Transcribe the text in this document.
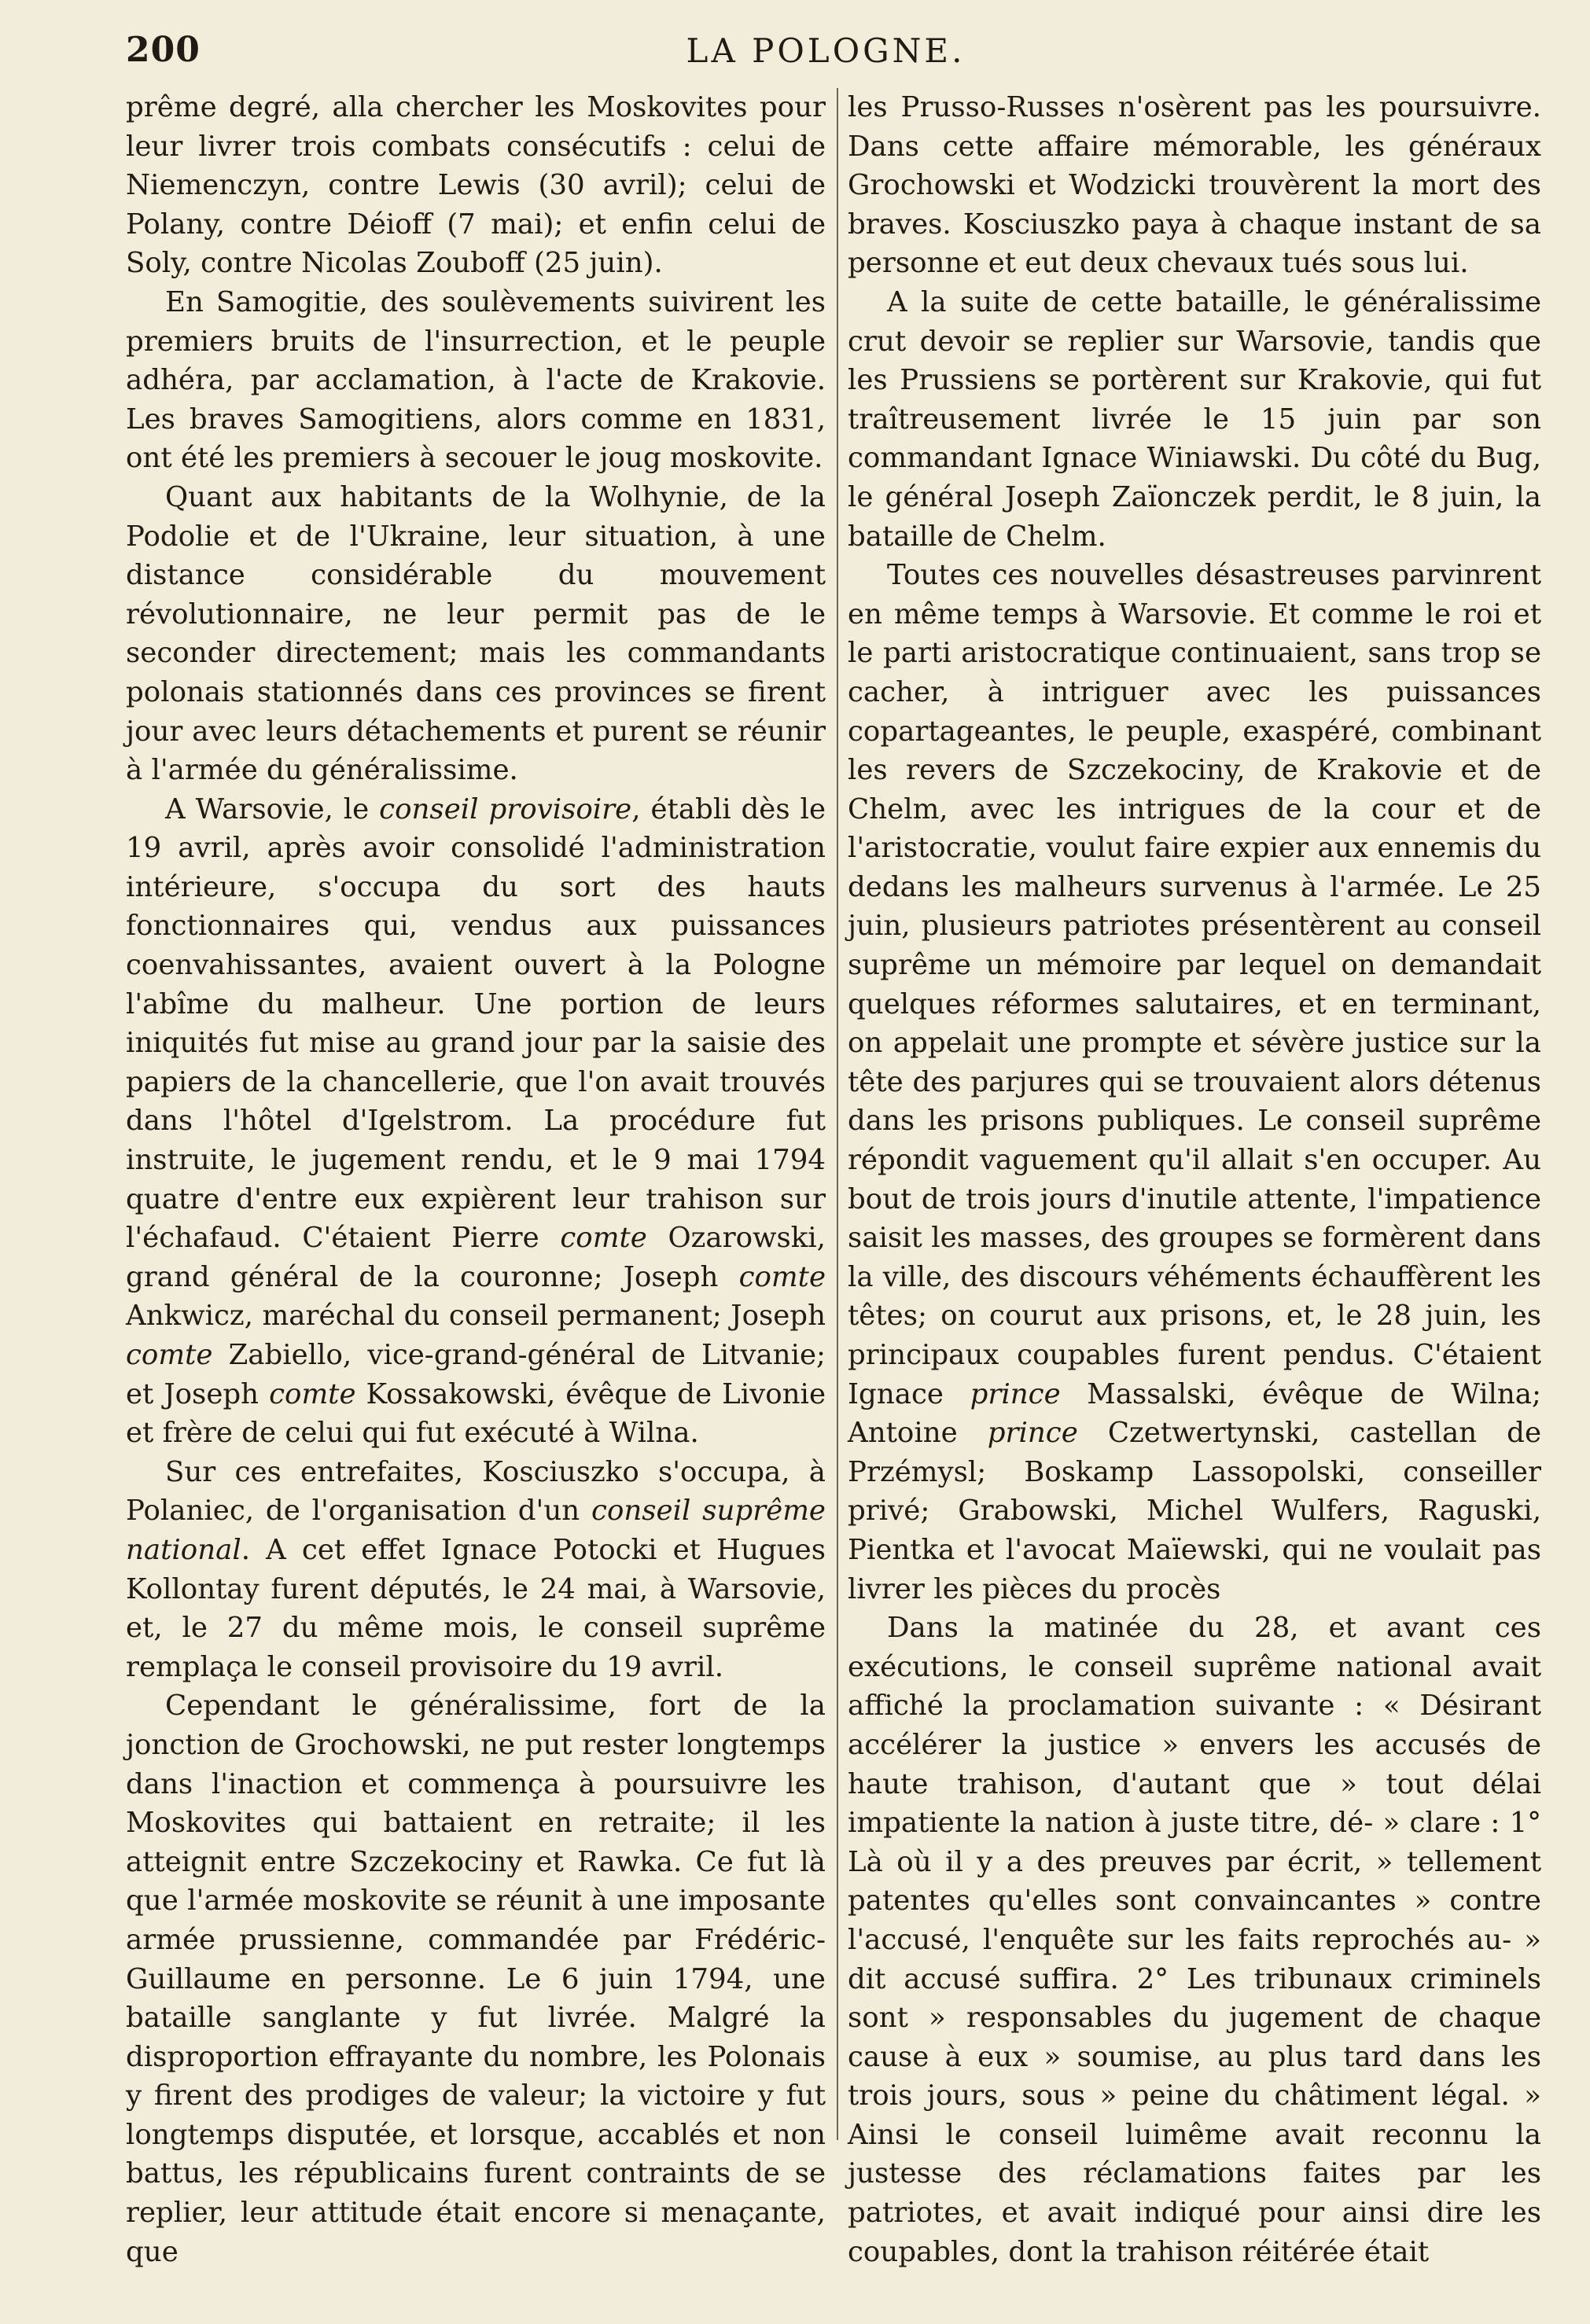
200	LA POLOGNE.

prême degré, alla chercher les Moskovites pour leur livrer trois combats consécutifs : celui de Niemenczyn, contre Lewis (30 avril); celui de Polany, contre Déioff (7 mai); et enfin celui de Soly, contre Nicolas Zouboff (25 juin).

En Samogitie, des soulèvements suivirent les premiers bruits de l'insurrection, et le peuple adhéra, par acclamation, à l'acte de Krakovie. Les braves Samogitiens, alors comme en 1831, ont été les premiers à secouer le joug moskovite.

Quant aux habitants de la Wolhynie, de la Podolie et de l'Ukraine, leur situation, à une distance considérable du mouvement révolutionnaire, ne leur permit pas de le seconder directement; mais les commandants polonais stationnés dans ces provinces se firent jour avec leurs détachements et purent se réunir à l'armée du généralissime.

A Warsovie, le conseil provisoire, établi dès le 19 avril, après avoir consolidé l'administration intérieure, s'occupa du sort des hauts fonctionnaires qui, vendus aux puissances coenvahissantes, avaient ouvert à la Pologne l'abîme du malheur. Une portion de leurs iniquités fut mise au grand jour par la saisie des papiers de la chancellerie, que l'on avait trouvés dans l'hôtel d'Igelstrom. La procédure fut instruite, le jugement rendu, et le 9 mai 1794 quatre d'entre eux expièrent leur trahison sur l'échafaud. C'étaient Pierre comte Ozarowski, grand général de la couronne; Joseph comte Ankwicz, maréchal du conseil permanent; Joseph comte Zabiello, vice-grand-général de Litvanie; et Joseph comte Kossakowski, évêque de Livonie et frère de celui qui fut exécuté à Wilna.

Sur ces entrefaites, Kosciuszko s'occupa, à Polaniec, de l'organisation d'un conseil suprême national. A cet effet Ignace Potocki et Hugues Kollontay furent députés, le 24 mai, à Warsovie, et, le 27 du même mois, le conseil suprême remplaça le conseil provisoire du 19 avril.

Cependant le généralissime, fort de la jonction de Grochowski, ne put rester longtemps dans l'inaction et commença à poursuivre les Moskovites qui battaient en retraite; il les atteignit entre Szczekociny et Rawka. Ce fut là que l'armée moskovite se réunit à une imposante armée prussienne, commandée par Frédéric-Guillaume en personne. Le 6 juin 1794, une bataille sanglante y fut livrée. Malgré la disproportion effrayante du nombre, les Polonais y firent des prodiges de valeur; la victoire y fut longtemps disputée, et lorsque, accablés et non battus, les républicains furent contraints de se replier, leur attitude était encore si menaçante, que

les Prusso-Russes n'osèrent pas les poursuivre. Dans cette affaire mémorable, les généraux Grochowski et Wodzicki trouvèrent la mort des braves. Kosciuszko paya à chaque instant de sa personne et eut deux chevaux tués sous lui.

A la suite de cette bataille, le généralissime crut devoir se replier sur Warsovie, tandis que les Prussiens se portèrent sur Krakovie, qui fut traîtreusement livrée le 15 juin par son commandant Ignace Winiawski. Du côté du Bug, le général Joseph Zaïonczek perdit, le 8 juin, la bataille de Chelm.

Toutes ces nouvelles désastreuses parvinrent en même temps à Warsovie. Et comme le roi et le parti aristocratique continuaient, sans trop se cacher, à intriguer avec les puissances copartageantes, le peuple, exaspéré, combinant les revers de Szczekociny, de Krakovie et de Chelm, avec les intrigues de la cour et de l'aristocratie, voulut faire expier aux ennemis du dedans les malheurs survenus à l'armée. Le 25 juin, plusieurs patriotes présentèrent au conseil suprême un mémoire par lequel on demandait quelques réformes salutaires, et en terminant, on appelait une prompte et sévère justice sur la tête des parjures qui se trouvaient alors détenus dans les prisons publiques. Le conseil suprême répondit vaguement qu'il allait s'en occuper. Au bout de trois jours d'inutile attente, l'impatience saisit les masses, des groupes se formèrent dans la ville, des discours véhéments échauffèrent les têtes; on courut aux prisons, et, le 28 juin, les principaux coupables furent pendus. C'étaient Ignace prince Massalski, évêque de Wilna; Antoine prince Czetwertynski, castellan de Przémysl; Boskamp Lassopolski, conseiller privé; Grabowski, Michel Wulfers, Raguski, Pientka et l'avocat Maïewski, qui ne voulait pas livrer les pièces du procès

Dans la matinée du 28, et avant ces exécutions, le conseil suprême national avait affiché la proclamation suivante : « Désirant accélérer la justice » envers les accusés de haute trahison, d'autant que » tout délai impatiente la nation à juste titre, dé- » clare : 1° Là où il y a des preuves par écrit, » tellement patentes qu'elles sont convaincantes » contre l'accusé, l'enquête sur les faits reprochés au- » dit accusé suffira. 2° Les tribunaux criminels sont » responsables du jugement de chaque cause à eux » soumise, au plus tard dans les trois jours, sous » peine du châtiment légal. » Ainsi le conseil luimême avait reconnu la justesse des réclamations faites par les patriotes, et avait indiqué pour ainsi dire les coupables, dont la trahison réitérée était
